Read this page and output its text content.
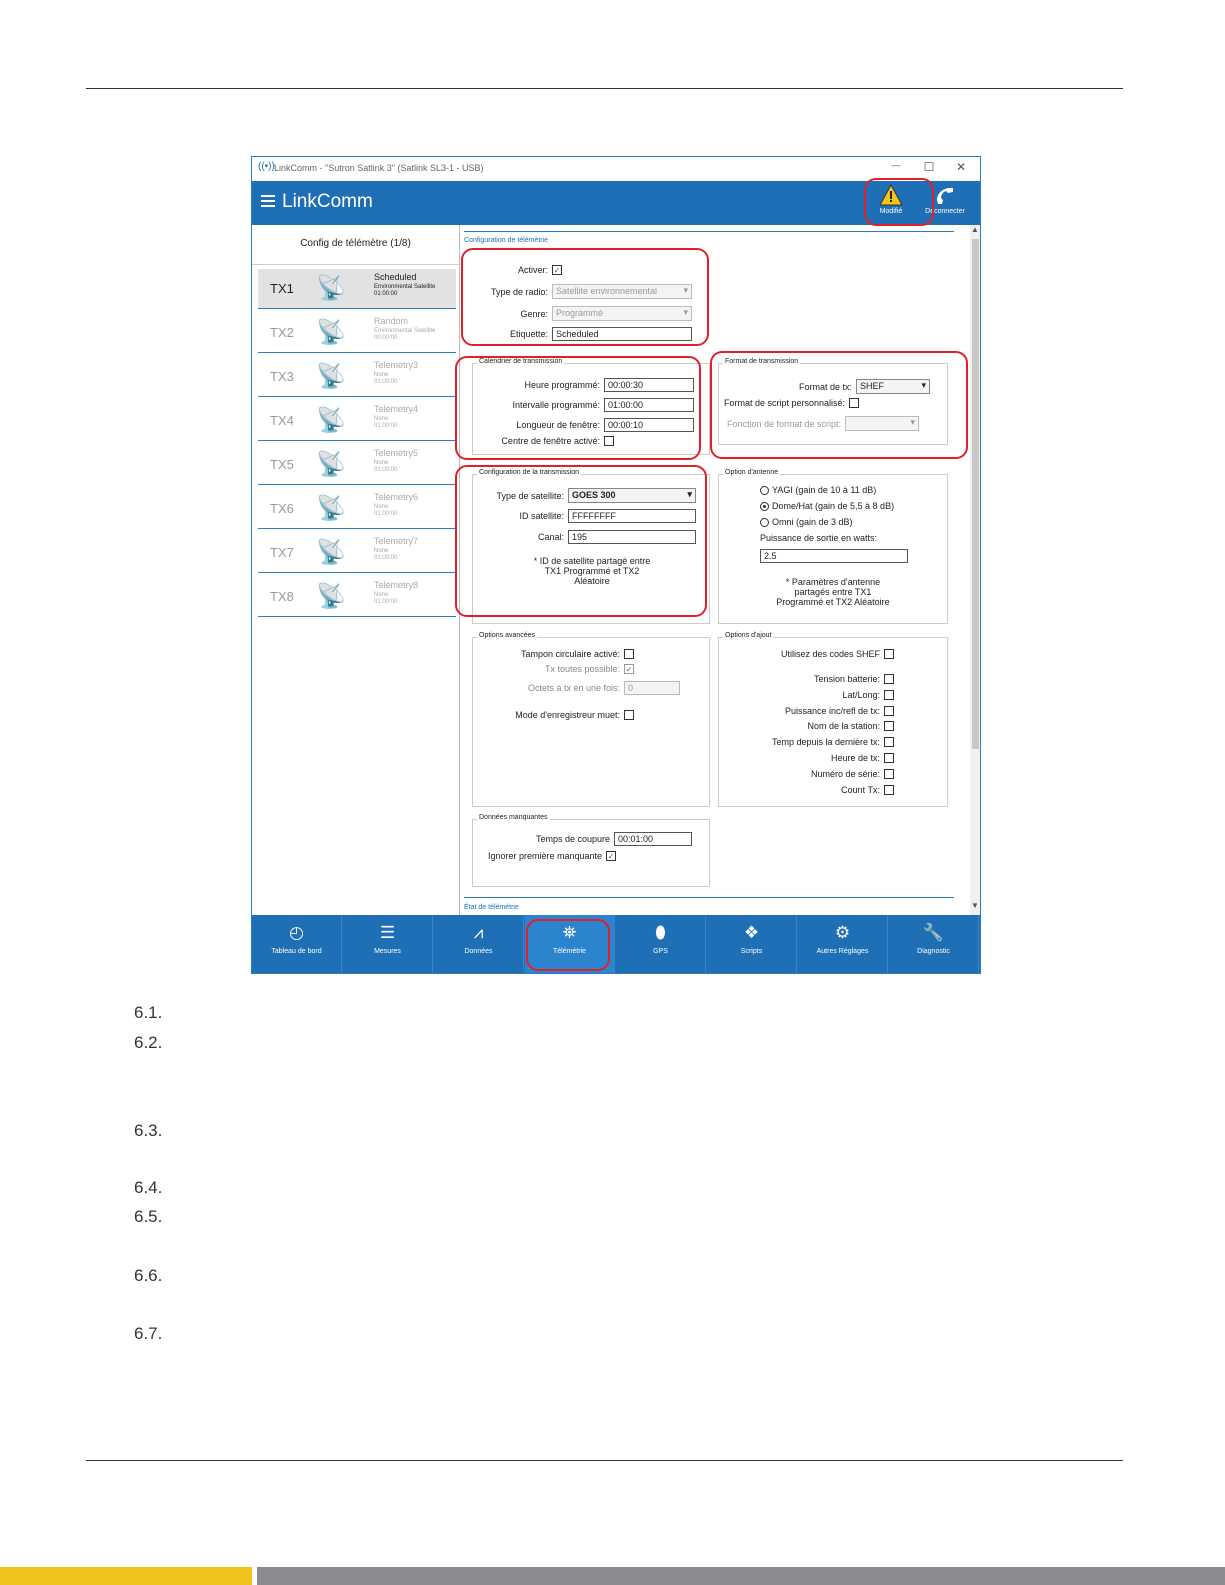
((•)) LinkComm - "Sutron Satlink 3" (Satlink SL3-1 - USB)	—	☐	✕
LinkComm	Modifié	Déconnecter
Config de télémètre (1/8)
TX1 📡	Scheduled
Environmental Satellite
01:00:00
TX2 📡	Random
Environmental Satellite
00:00:00
TX3 📡	Telemetry3
None
01:00:00
TX4 📡	Telemetry4
None
01:00:00
TX5 📡	Telemetry5
None
01:00:00
TX6 📡	Telemetry6
None
01:00:00
TX7 📡	Telemetry7
None
01:00:00
TX8 📡	Telemetry8
None
01:00:00
Configuration de télémètrie
Activer: ✓
Type de radio: Satellite environnemental ▾
Genre: Programmé ▾
Etiquette: Scheduled
Calendrier de transmission
Heure programmé: 00:00:30
Intervalle programmé: 01:00:00
Longueur de fenêtre: 00:00:10
Centre de fenêtre activé:
Format de transmission
Format de tx: SHEF ▾
Format de script personnalisé:
Fonction de format de script:
▾
Configuration de la transmission
Type de satellite: GOES 300 ▾
ID satellite: FFFFFFFF
Canal: 195
* ID de satellite partagé entre
TX1 Programmé et TX2
Aléatoire
Option d'antenne
YAGI (gain de 10 à 11 dB)
Dome/Hat (gain de 5,5 à 8 dB)
Omni (gain de 3 dB)
Puissance de sortie en watts:
2.5
* Paramètres d'antenne
partagés entre TX1
Programmé et TX2 Aléatoire
Options avancées
Tampon circulaire activé:
Tx toutes possible: ✓
Octets à tx en une fois: 0
Mode d'enregistreur muet:
Options d'ajout
Utilisez des codes SHEF
Tension batterie:
Lat/Long:
Puissance inc/refl de tx:
Nom de la station:
Temp depuis la dernière tx:
Heure de tx:
Numéro de série:
Count Tx:
Données manquantes
Temps de coupure 00:01:00
Ignorer première manquante ✓
État de télémétrie
▲
▼
◴
Tableau de bord
☰
Mesures
⩘
Données
⛯
Télémétrie
⬮
GPS
❖
Scripts
⚙
Autres Réglages
🔧
Diagnostic
6.1.
6.2.
6.3.
6.4.
6.5.
6.6.
6.7.
